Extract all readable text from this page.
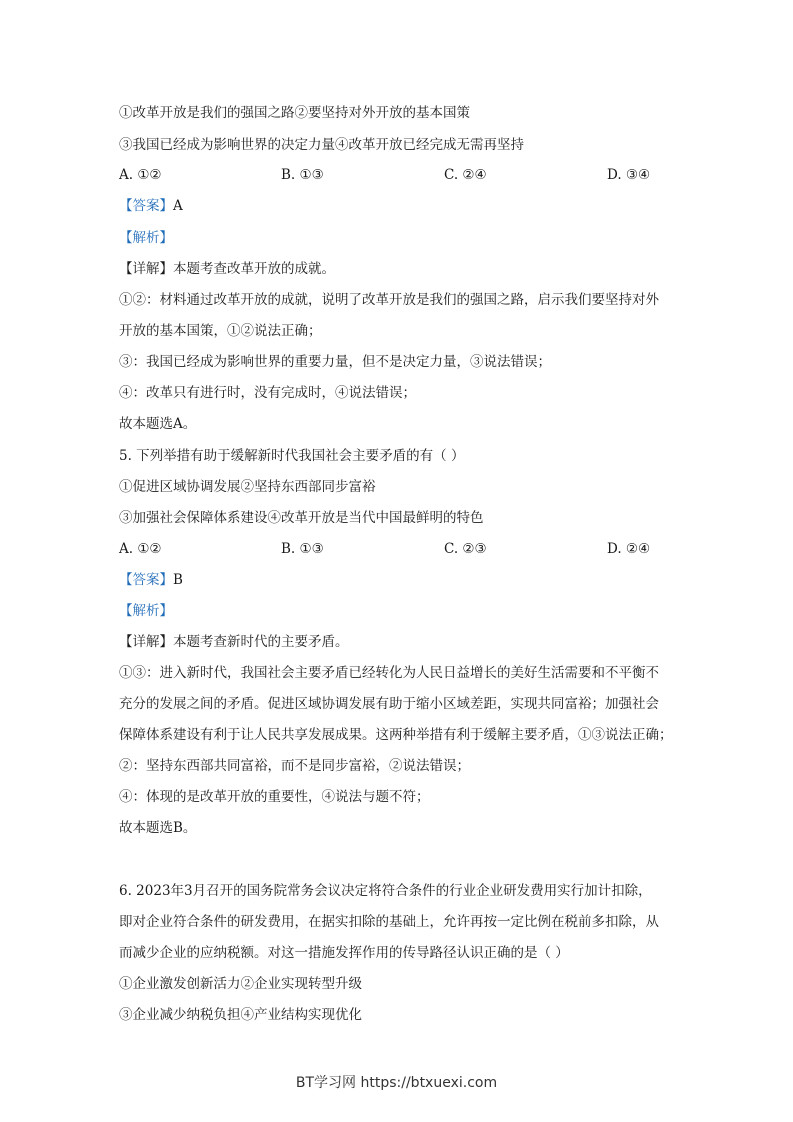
①改革开放是我们的强国之路②要坚持对外开放的基本国策
③我国已经成为影响世界的决定力量④改革开放已经完成无需再坚持
A. ①②	B. ①③	C. ②④	D. ③④
【答案】A
【解析】
【详解】本题考查改革开放的成就。
①②：材料通过改革开放的成就，说明了改革开放是我们的强国之路，启示我们要坚持对外
开放的基本国策，①②说法正确；
③：我国已经成为影响世界的重要力量，但不是决定力量，③说法错误；
④：改革只有进行时，没有完成时，④说法错误；
故本题选A。
5. 下列举措有助于缓解新时代我国社会主要矛盾的有（ ）
①促进区域协调发展②坚持东西部同步富裕
③加强社会保障体系建设④改革开放是当代中国最鲜明的特色
A. ①②	B. ①③	C. ②③	D. ②④
【答案】B
【解析】
【详解】本题考查新时代的主要矛盾。
①③：进入新时代，我国社会主要矛盾已经转化为人民日益增长的美好生活需要和不平衡不
充分的发展之间的矛盾。促进区域协调发展有助于缩小区域差距，实现共同富裕；加强社会
保障体系建设有利于让人民共享发展成果。这两种举措有利于缓解主要矛盾，①③说法正确；
②：坚持东西部共同富裕，而不是同步富裕，②说法错误；
④：体现的是改革开放的重要性，④说法与题不符；
故本题选B。
6. 2023年3月召开的国务院常务会议决定将符合条件的行业企业研发费用实行加计扣除，
即对企业符合条件的研发费用，在据实扣除的基础上，允许再按一定比例在税前多扣除，从
而减少企业的应纳税额。对这一措施发挥作用的传导路径认识正确的是（ ）
①企业激发创新活力②企业实现转型升级
③企业减少纳税负担④产业结构实现优化
BT学习网 https://btxuexi.com
